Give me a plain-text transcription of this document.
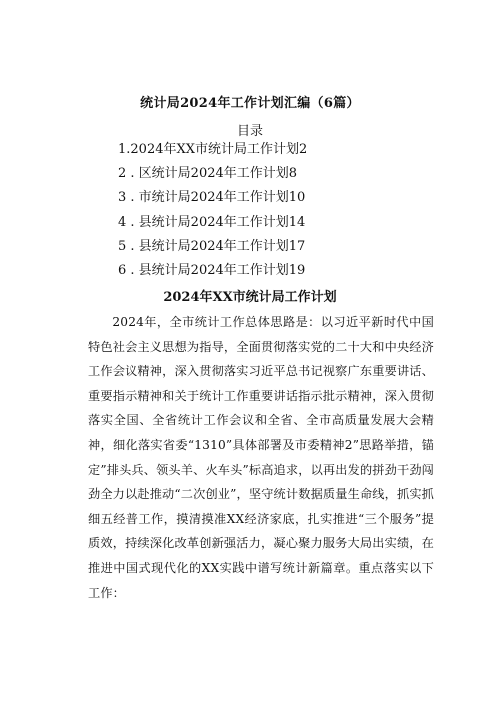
统计局2024年工作计划汇编（6篇）
目录
1.2024年XX市统计局工作计划2
2 . 区统计局2024年工作计划8
3 . 市统计局2024年工作计划10
4 . 县统计局2024年工作计划14
5 . 县统计局2024年工作计划17
6 . 县统计局2024年工作计划19
2024年XX市统计局工作计划

2024年，全市统计工作总体思路是：以习近平新时代中国特色社会主义思想为指导，全面贯彻落实党的二十大和中央经济工作会议精神，深入贯彻落实习近平总书记视察广东重要讲话、重要指示精神和关于统计工作重要讲话指示批示精神，深入贯彻落实全国、全省统计工作会议和全省、全市高质量发展大会精神，细化落实省委“1310”具体部署及市委精神2”思路举措，锚定”排头兵、领头羊、火车头”标高追求，以再出发的拼劲干劲闯劲全力以赴推动“二次创业”，坚守统计数据质量生命线，抓实抓细五经普工作，摸清摸准XX经济家底，扎实推进“三个服务”提质效，持续深化改革创新强活力，凝心聚力服务大局出实绩，在推进中国式现代化的XX实践中谱写统计新篇章。重点落实以下工作：
